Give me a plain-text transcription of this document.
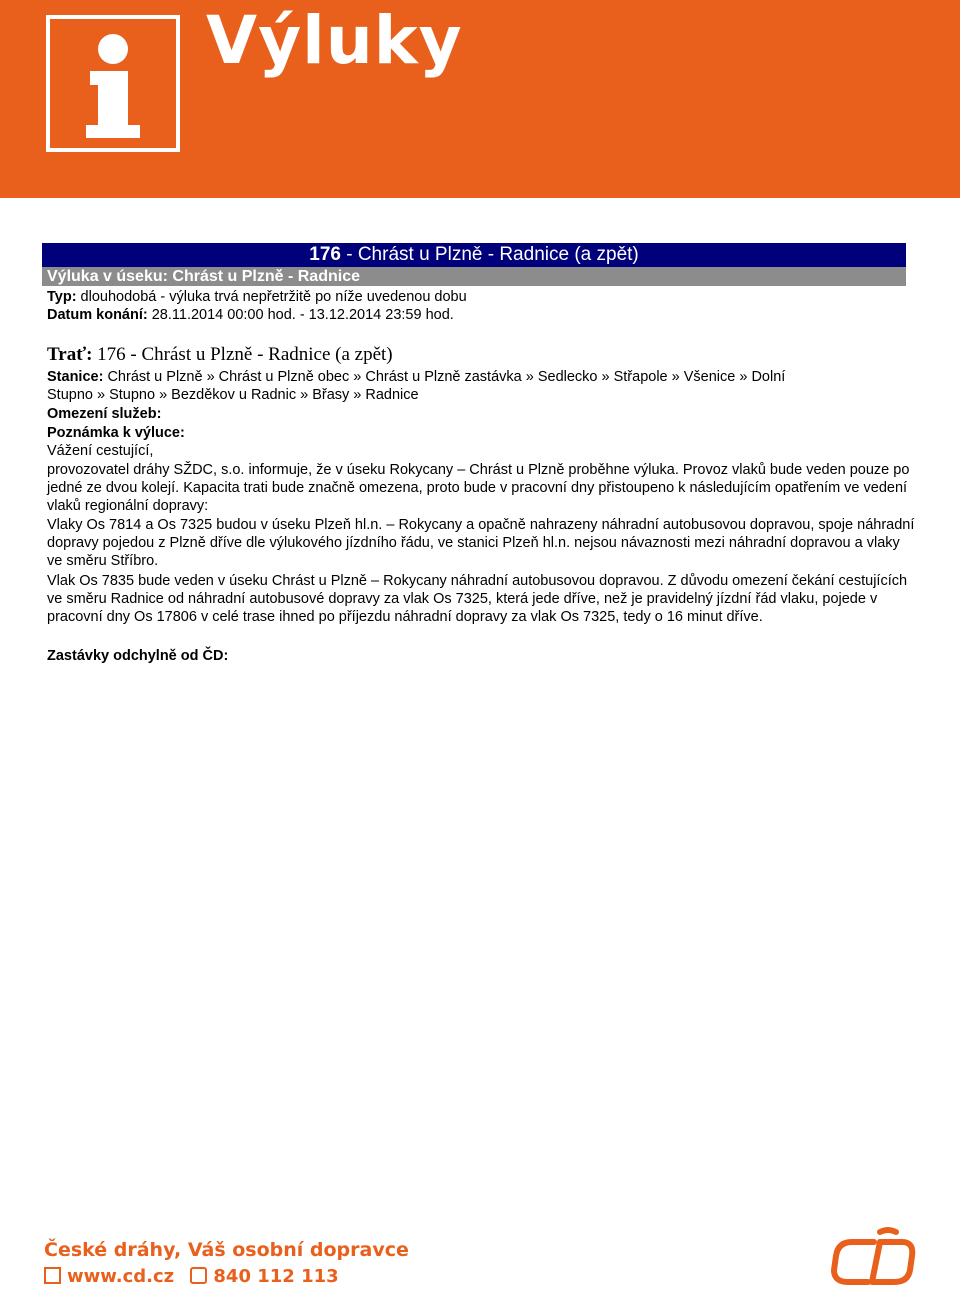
Výluky
176 - Chrást u Plzně - Radnice (a zpět)
Výluka v úseku: Chrást u Plzně - Radnice
Typ: dlouhodobá - výluka trvá nepřetržitě po níže uvedenou dobu
Datum konání: 28.11.2014 00:00 hod. - 13.12.2014 23:59 hod.
Trať: 176 - Chrást u Plzně - Radnice (a zpět)
Stanice: Chrást u Plzně » Chrást u Plzně obec » Chrást u Plzně zastávka » Sedlecko » Střapole » Všenice » Dolní
Stupno » Stupno » Bezděkov u Radnic » Břasy » Radnice
Omezení služeb:
Poznámka k výluce:
Vážení cestující,
provozovatel dráhy SŽDC, s.o. informuje, že v úseku Rokycany – Chrást u Plzně proběhne výluka. Provoz vlaků bude veden pouze po jedné ze dvou kolejí. Kapacita trati bude značně omezena, proto bude v pracovní dny přistoupeno k následujícím opatřením ve vedení vlaků regionální dopravy:
Vlaky Os 7814 a Os 7325 budou v úseku Plzeň hl.n. – Rokycany a opačně nahrazeny náhradní autobusovou dopravou, spoje náhradní dopravy pojedou z Plzně dříve dle výlukového jízdního řádu, ve stanici Plzeň hl.n. nejsou návaznosti mezi náhradní dopravou a vlaky ve směru Stříbro.
Vlak Os 7835 bude veden v úseku Chrást u Plzně – Rokycany náhradní autobusovou dopravou. Z důvodu omezení čekání cestujících ve směru Radnice od náhradní autobusové dopravy za vlak Os 7325, která jede dříve, než je pravidelný jízdní řád vlaku, pojede v pracovní dny Os 17806 v celé trase ihned po příjezdu náhradní dopravy za vlak Os 7325, tedy o 16 minut dříve.
Zastávky odchylně od ČD:
České dráhy, Váš osobní dopravce
www.cd.cz 840 112 113
